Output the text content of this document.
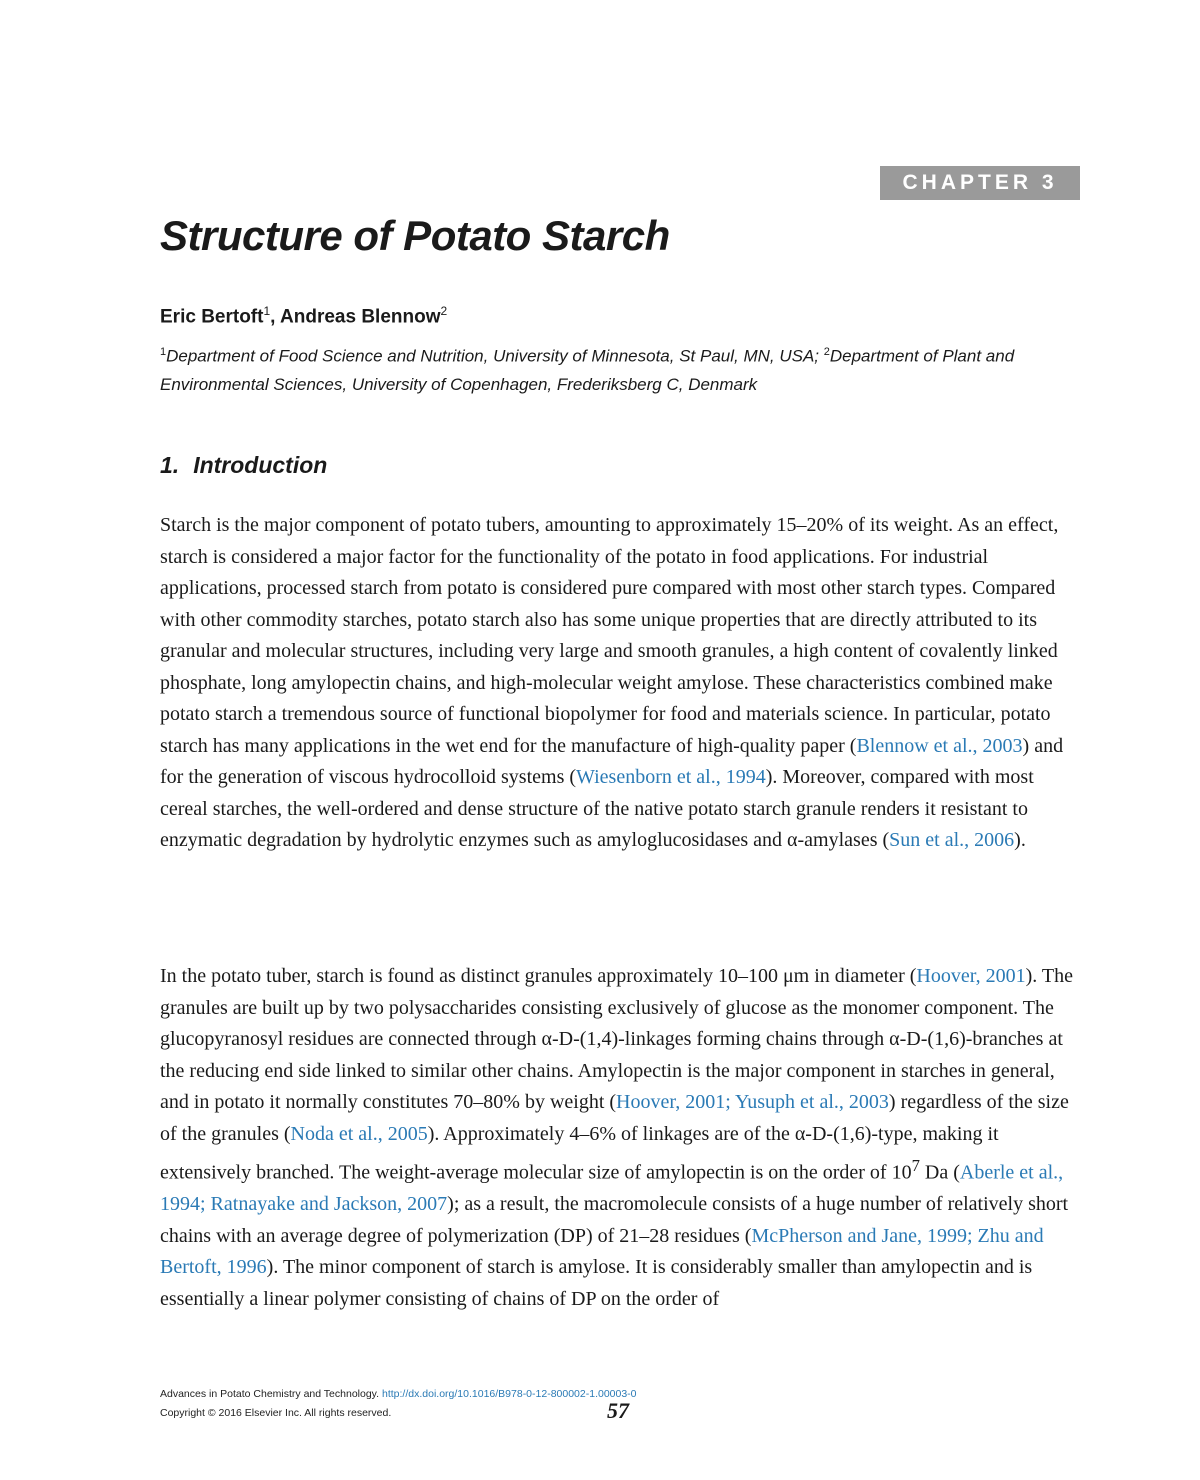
CHAPTER 3
Structure of Potato Starch
Eric Bertoft$^1$, Andreas Blennow$^2$
$^1$Department of Food Science and Nutrition, University of Minnesota, St Paul, MN, USA; $^2$Department of Plant and Environmental Sciences, University of Copenhagen, Frederiksberg C, Denmark
1. Introduction

Starch is the major component of potato tubers, amounting to approximately 15–20% of its weight. As an effect, starch is considered a major factor for the functionality of the potato in food applications. For industrial applications, processed starch from potato is considered pure compared with most other starch types. Compared with other commodity starches, potato starch also has some unique properties that are directly attributed to its granular and molecular structures, including very large and smooth granules, a high content of covalently linked phosphate, long amylopectin chains, and high-molecular weight amylose. These characteristics combined make potato starch a tremendous source of functional biopolymer for food and materials science. In particular, potato starch has many applications in the wet end for the manufacture of high-quality paper (Blennow et al., 2003) and for the generation of viscous hydrocolloid systems (Wiesenborn et al., 1994). Moreover, compared with most cereal starches, the well-ordered and dense structure of the native potato starch granule renders it resistant to enzymatic degradation by hydrolytic enzymes such as amyloglucosidases and α-amylases (Sun et al., 2006).

In the potato tuber, starch is found as distinct granules approximately 10–100 μm in diameter (Hoover, 2001). The granules are built up by two polysaccharides consisting exclusively of glucose as the monomer component. The glucopyranosyl residues are connected through α-D-(1,4)-linkages forming chains through α-D-(1,6)-branches at the reducing end side linked to similar other chains. Amylopectin is the major component in starches in general, and in potato it normally constitutes 70–80% by weight (Hoover, 2001; Yusuph et al., 2003) regardless of the size of the granules (Noda et al., 2005). Approximately 4–6% of linkages are of the α-D-(1,6)-type, making it extensively branched. The weight-average molecular size of amylopectin is on the order of $10^7$ Da (Aberle et al., 1994; Ratnayake and Jackson, 2007); as a result, the macromolecule consists of a huge number of relatively short chains with an average degree of polymerization (DP) of 21–28 residues (McPherson and Jane, 1999; Zhu and Bertoft, 1996). The minor component of starch is amylose. It is considerably smaller than amylopectin and is essentially a linear polymer consisting of chains of DP on the order of

Advances in Potato Chemistry and Technology. http://dx.doi.org/10.1016/B978-0-12-800002-1.00003-0
Copyright © 2016 Elsevier Inc. All rights reserved.	57
